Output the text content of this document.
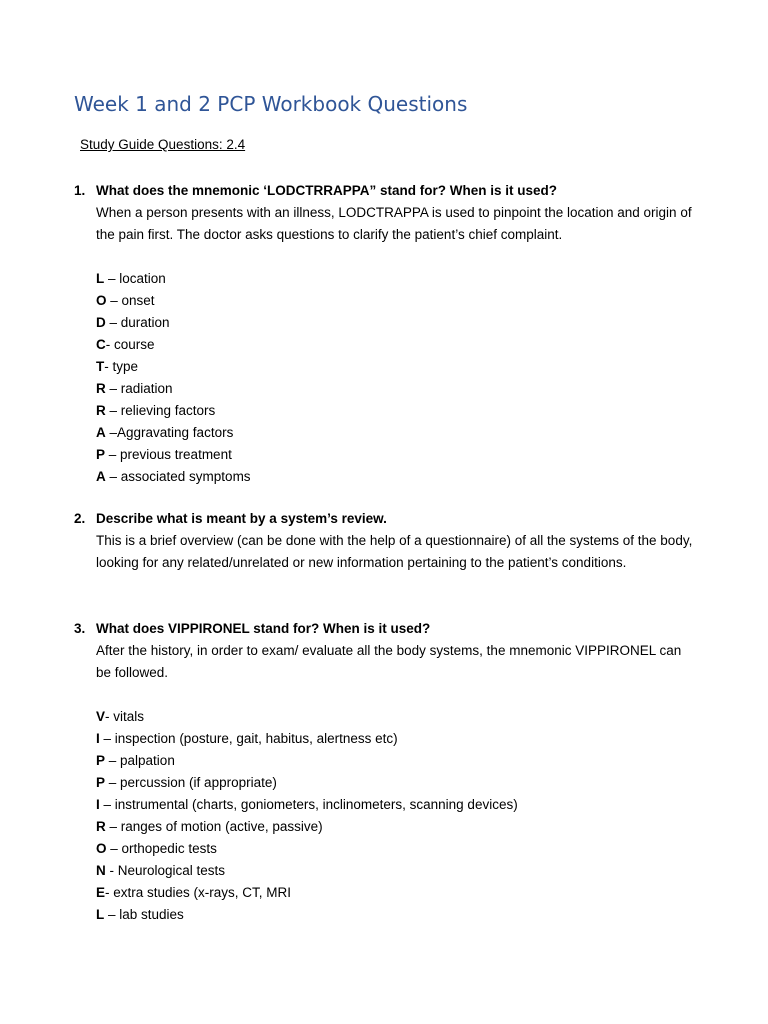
Week 1 and 2 PCP Workbook Questions
Study Guide Questions: 2.4
1. What does the mnemonic ‘LODCTRRAPPA” stand for? When is it used?
When a person presents with an illness, LODCTRAPPA is used to pinpoint the location and origin of the pain first. The doctor asks questions to clarify the patient’s chief complaint.
L – location
O – onset
D – duration
C- course
T- type
R – radiation
R – relieving factors
A –Aggravating factors
P – previous treatment
A – associated symptoms
2. Describe what is meant by a system’s review.
This is a brief overview (can be done with the help of a questionnaire) of all the systems of the body, looking for any related/unrelated or new information pertaining to the patient’s conditions.
3. What does VIPPIRONEL stand for? When is it used?
After the history, in order to exam/ evaluate all the body systems, the mnemonic VIPPIRONEL can be followed.
V- vitals
I – inspection (posture, gait, habitus, alertness etc)
P – palpation
P – percussion (if appropriate)
I – instrumental (charts, goniometers, inclinometers, scanning devices)
R – ranges of motion (active, passive)
O – orthopedic tests
N - Neurological tests
E- extra studies (x-rays, CT, MRI
L – lab studies
